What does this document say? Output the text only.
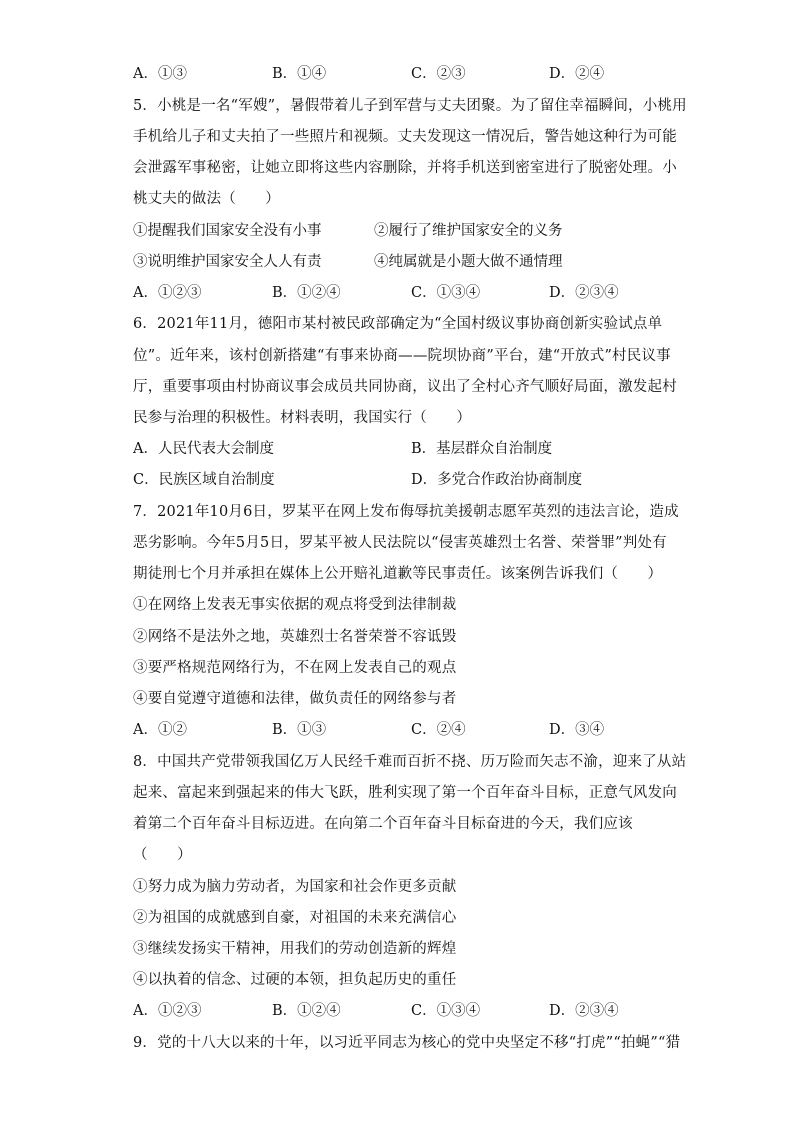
A．①③	B．①④	C．②③	D．②④
5．小桃是一名“军嫂”，暑假带着儿子到军营与丈夫团聚。为了留住幸福瞬间，小桃用
手机给儿子和丈夫拍了一些照片和视频。丈夫发现这一情况后，警告她这种行为可能
会泄露军事秘密，让她立即将这些内容删除，并将手机送到密室进行了脱密处理。小
桃丈夫的做法（　　）
①提醒我们国家安全没有小事	②履行了维护国家安全的义务
③说明维护国家安全人人有责	④纯属就是小题大做不通情理
A．①②③	B．①②④	C．①③④	D．②③④
6．2021年11月，德阳市某村被民政部确定为“全国村级议事协商创新实验试点单
位”。近年来，该村创新搭建“有事来协商——院坝协商”平台，建“开放式”村民议事
厅，重要事项由村协商议事会成员共同协商，议出了全村心齐气顺好局面，激发起村
民参与治理的积极性。材料表明，我国实行（　　）
A．人民代表大会制度	B．基层群众自治制度
C．民族区域自治制度	D．多党合作政治协商制度
7．2021年10月6日，罗某平在网上发布侮辱抗美援朝志愿军英烈的违法言论，造成
恶劣影响。今年5月5日，罗某平被人民法院以“侵害英雄烈士名誉、荣誉罪”判处有
期徒刑七个月并承担在媒体上公开赔礼道歉等民事责任。该案例告诉我们（　　）
①在网络上发表无事实依据的观点将受到法律制裁
②网络不是法外之地，英雄烈士名誉荣誉不容诋毁
③要严格规范网络行为，不在网上发表自己的观点
④要自觉遵守道德和法律，做负责任的网络参与者
A．①②	B．①③	C．②④	D．③④
8．中国共产党带领我国亿万人民经千难而百折不挠、历万险而矢志不渝，迎来了从站
起来、富起来到强起来的伟大飞跃，胜利实现了第一个百年奋斗目标，正意气风发向
着第二个百年奋斗目标迈进。在向第二个百年奋斗目标奋进的今天，我们应该
（　　）
①努力成为脑力劳动者，为国家和社会作更多贡献
②为祖国的成就感到自豪，对祖国的未来充满信心
③继续发扬实干精神，用我们的劳动创造新的辉煌
④以执着的信念、过硬的本领，担负起历史的重任
A．①②③	B．①②④	C．①③④	D．②③④
9．党的十八大以来的十年，以习近平同志为核心的党中央坚定不移“打虎”“拍蝇”“猎
